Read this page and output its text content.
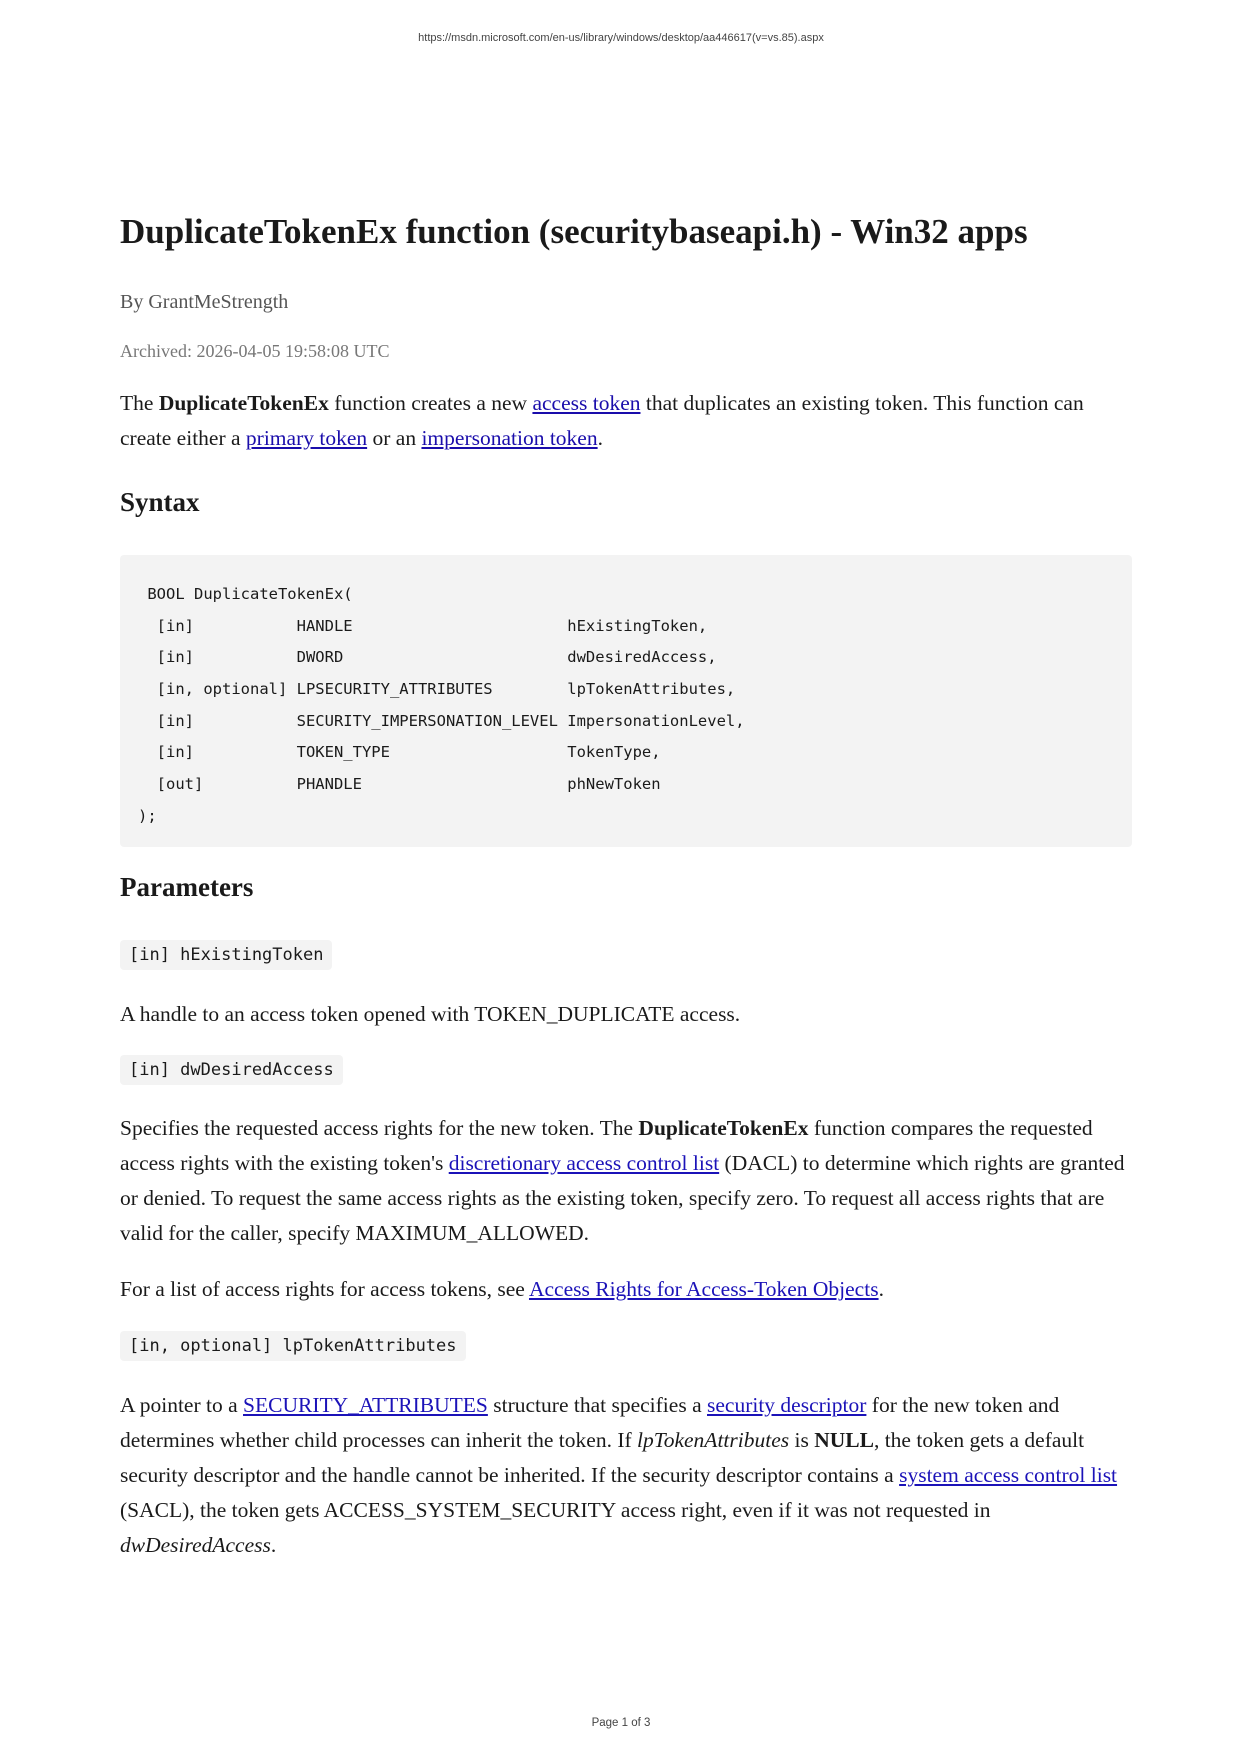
https://msdn.microsoft.com/en-us/library/windows/desktop/aa446617(v=vs.85).aspx
DuplicateTokenEx function (securitybaseapi.h) - Win32 apps
By GrantMeStrength
Archived: 2026-04-05 19:58:08 UTC

The DuplicateTokenEx function creates a new access token that duplicates an existing token. This function can create either a primary token or an impersonation token.

Syntax
BOOL DuplicateTokenEx(
[in]           HANDLE                       hExistingToken,
[in]           DWORD                        dwDesiredAccess,
[in, optional] LPSECURITY_ATTRIBUTES        lpTokenAttributes,
[in]           SECURITY_IMPERSONATION_LEVEL ImpersonationLevel,
[in]           TOKEN_TYPE                   TokenType,
[out]          PHANDLE                      phNewToken
);
Parameters
[in] hExistingToken

A handle to an access token opened with TOKEN_DUPLICATE access.

[in] dwDesiredAccess

Specifies the requested access rights for the new token. The DuplicateTokenEx function compares the requested access rights with the existing token's discretionary access control list (DACL) to determine which rights are granted or denied. To request the same access rights as the existing token, specify zero. To request all access rights that are valid for the caller, specify MAXIMUM_ALLOWED.

For a list of access rights for access tokens, see Access Rights for Access-Token Objects.

[in, optional] lpTokenAttributes

A pointer to a SECURITY_ATTRIBUTES structure that specifies a security descriptor for the new token and determines whether child processes can inherit the token. If lpTokenAttributes is NULL, the token gets a default security descriptor and the handle cannot be inherited. If the security descriptor contains a system access control list (SACL), the token gets ACCESS_SYSTEM_SECURITY access right, even if it was not requested in dwDesiredAccess.

Page 1 of 3
